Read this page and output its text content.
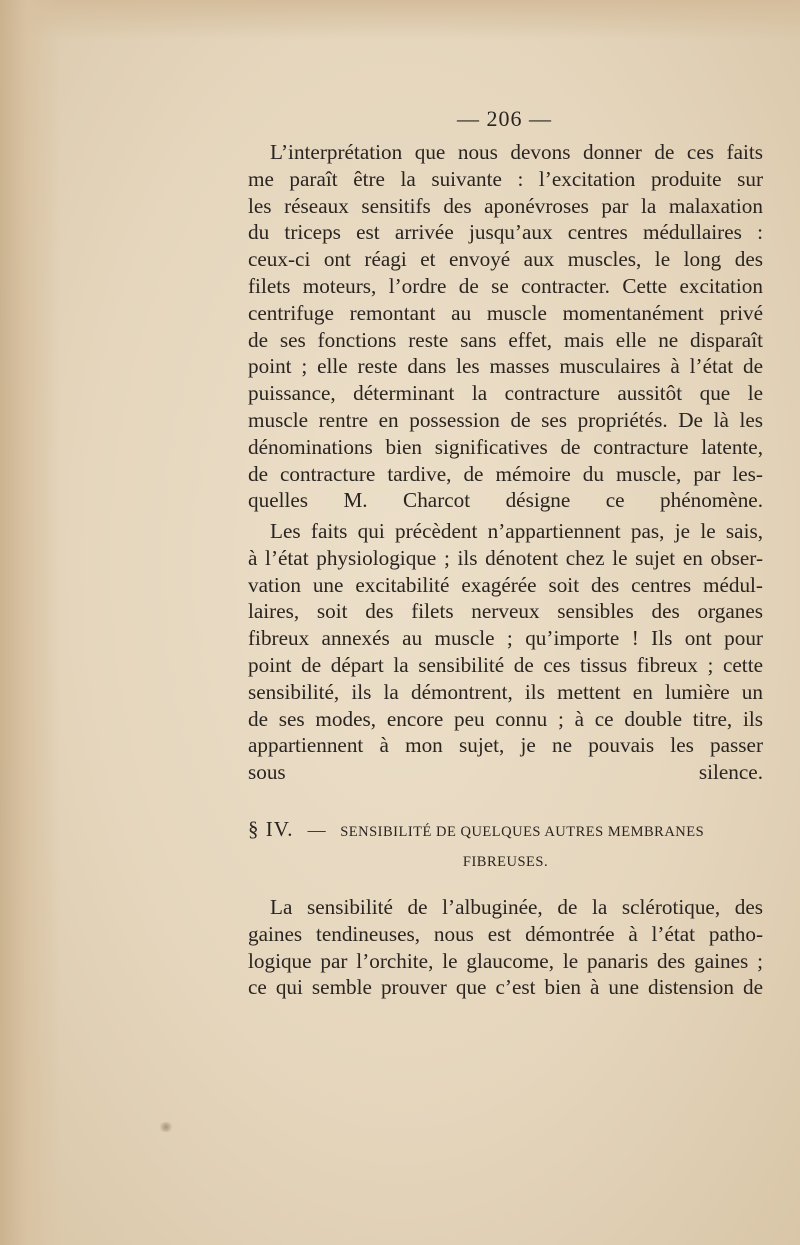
— 206 —
L’interprétation que nous devons donner de ces faits
me paraît être la suivante : l’excitation produite sur
les réseaux sensitifs des aponévroses par la malaxation
du triceps est arrivée jusqu’aux centres médullaires :
ceux-ci ont réagi et envoyé aux muscles, le long des
filets moteurs, l’ordre de se contracter. Cette excitation
centrifuge remontant au muscle momentanément privé
de ses fonctions reste sans effet, mais elle ne disparaît
point ; elle reste dans les masses musculaires à l’état de
puissance, déterminant la contracture aussitôt que le
muscle rentre en possession de ses propriétés. De là les
dénominations bien significatives de contracture latente,
de contracture tardive, de mémoire du muscle, par les-
quelles M. Charcot désigne ce phénomène.
Les faits qui précèdent n’appartiennent pas, je le sais,
à l’état physiologique ; ils dénotent chez le sujet en obser-
vation une excitabilité exagérée soit des centres médul-
laires, soit des filets nerveux sensibles des organes
fibreux annexés au muscle ; qu’importe ! Ils ont pour
point de départ la sensibilité de ces tissus fibreux ; cette
sensibilité, ils la démontrent, ils mettent en lumière un
de ses modes, encore peu connu ; à ce double titre, ils
appartiennent à mon sujet, je ne pouvais les passer
sous silence.
§ IV. — SENSIBILITÉ DE QUELQUES AUTRES MEMBRANES
FIBREUSES.
La sensibilité de l’albuginée, de la sclérotique, des
gaines tendineuses, nous est démontrée à l’état patho-
logique par l’orchite, le glaucome, le panaris des gaines ;
ce qui semble prouver que c’est bien à une distension de
